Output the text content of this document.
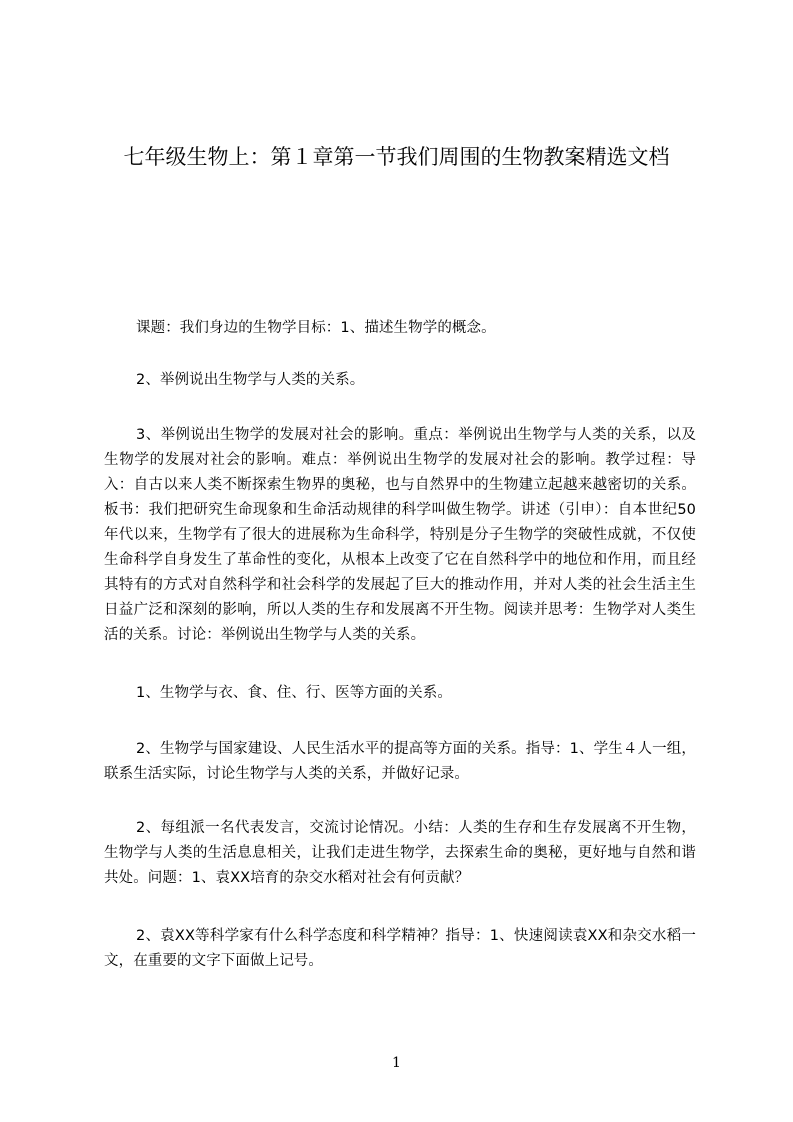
七年级生物上：第１章第一节我们周围的生物教案精选文档

课题：我们身边的生物学目标：1、描述生物学的概念。

2、举例说出生物学与人类的关系。

3、举例说出生物学的发展对社会的影响。重点：举例说出生物学与人类的关系，以及生物学的发展对社会的影响。难点：举例说出生物学的发展对社会的影响。教学过程：导入：自古以来人类不断探索生物界的奥秘，也与自然界中的生物建立起越来越密切的关系。板书：我们把研究生命现象和生命活动规律的科学叫做生物学。讲述（引申）：自本世纪50年代以来，生物学有了很大的进展称为生命科学，特别是分子生物学的突破性成就，不仅使生命科学自身发生了革命性的变化，从根本上改变了它在自然科学中的地位和作用，而且经其特有的方式对自然科学和社会科学的发展起了巨大的推动作用，并对人类的社会生活主生日益广泛和深刻的影响，所以人类的生存和发展离不开生物。阅读并思考：生物学对人类生活的关系。讨论：举例说出生物学与人类的关系。

1、生物学与衣、食、住、行、医等方面的关系。

2、生物学与国家建设、人民生活水平的提高等方面的关系。指导：1、学生４人一组，联系生活实际，讨论生物学与人类的关系，并做好记录。

2、每组派一名代表发言，交流讨论情况。小结：人类的生存和生存发展离不开生物，生物学与人类的生活息息相关，让我们走进生物学，去探索生命的奥秘，更好地与自然和谐共处。问题：1、袁XX培育的杂交水稻对社会有何贡献？

2、袁XX等科学家有什么科学态度和科学精神？指导：1、快速阅读袁XX和杂交水稻一文，在重要的文字下面做上记号。

1
